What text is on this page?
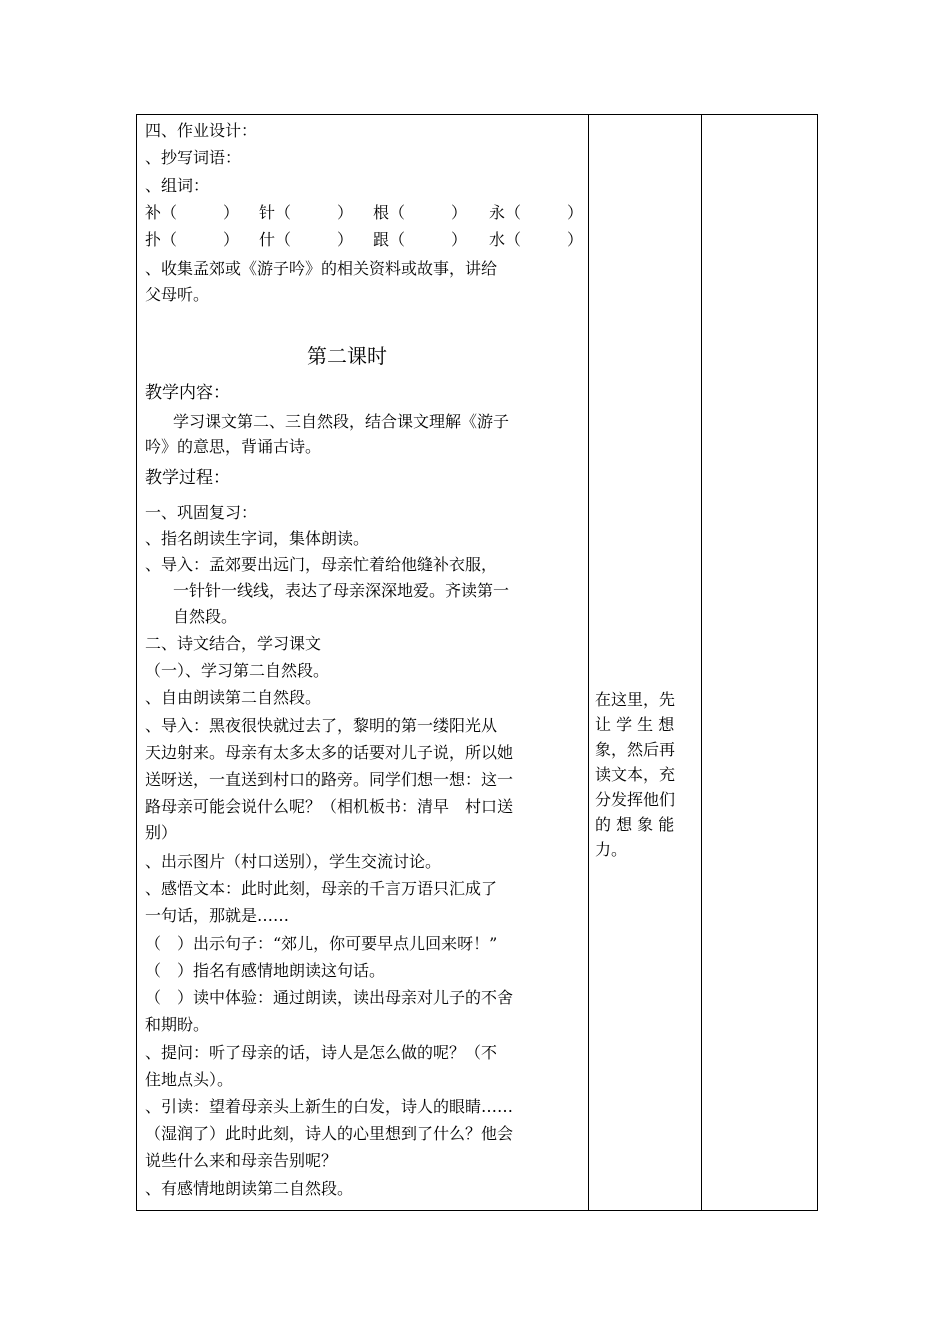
四、作业设计：
、抄写词语：
、组词：
补（	） 针（	） 根（	） 永（	）
扑（	） 什（	） 跟（	） 水（	）
、收集孟郊或《游子吟》的相关资料或故事，讲给
父母听。
第二课时
教学内容：
学习课文第二、三自然段，结合课文理解《游子
吟》的意思，背诵古诗。
教学过程：
一、巩固复习：
、指名朗读生字词，集体朗读。
、导入：孟郊要出远门，母亲忙着给他缝补衣服，
一针针一线线，表达了母亲深深地爱。齐读第一
自然段。
二、诗文结合，学习课文
（一）、学习第二自然段。
、自由朗读第二自然段。
、导入：黑夜很快就过去了，黎明的第一缕阳光从
天边射来。母亲有太多太多的话要对儿子说，所以她
送呀送，一直送到村口的路旁。同学们想一想：这一
路母亲可能会说什么呢？（相机板书：清早　村口送
别）
、出示图片（村口送别），学生交流讨论。
、感悟文本：此时此刻，母亲的千言万语只汇成了
一句话，那就是……
（　）出示句子：“郊儿，你可要早点儿回来呀！”
（　）指名有感情地朗读这句话。
（　）读中体验：通过朗读，读出母亲对儿子的不舍
和期盼。
、提问：听了母亲的话，诗人是怎么做的呢？（不
住地点头）。
、引读：望着母亲头上新生的白发，诗人的眼睛……
（湿润了）此时此刻，诗人的心里想到了什么？他会
说些什么来和母亲告别呢？
、有感情地朗读第二自然段。
在这里，先
让 学 生 想
象，然后再
读文本，充
分发挥他们
的 想 象 能
力。
